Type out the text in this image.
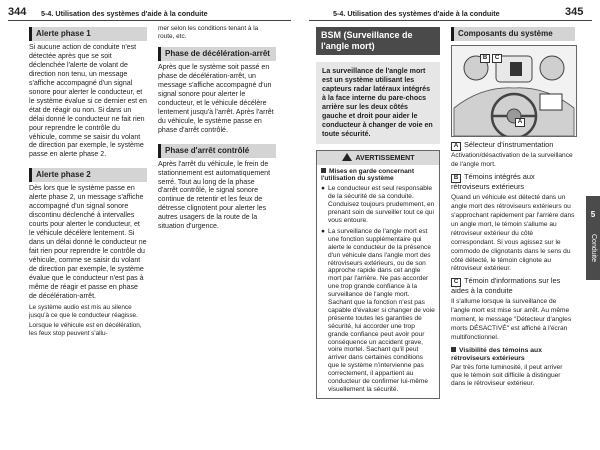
344 5-4. Utilisation des systèmes d'aide à la conduite	5-4. Utilisation des systèmes d'aide à la conduite	345
Alerte phase 1

Si aucune action de conduite n'est détectée après que se soit déclenchée l'alerte de volant de direction non tenu, un message s'affiche accompagné d'un signal sonore pour alerter le conducteur, et le système évalue si ce dernier est en état de réagir ou non. Si dans un délai donné le conducteur ne fait rien pour reprendre le contrôle du véhicule, comme se saisir du volant de direction par exemple, le système passe en alerte phase 2.

Alerte phase 2

Dès lors que le système passe en alerte phase 2, un message s'affiche accompagné d'un signal sonore discontinu déclenché à intervalles courts pour alerter le conducteur, et le véhicule décélère lentement. Si dans un délai donné le conducteur ne fait rien pour reprendre le contrôle du véhicule, comme se saisir du volant de direction par exemple, le système évalue que le conducteur n'est pas à même de réagir et passe en phase de décélération-arrêt.

Le système audio est mis au silence jusqu'à ce que le conducteur réagisse.

Lorsque le véhicule est en décélération, les feux stop peuvent s'allu-

mer selon les conditions tenant à la route, etc.

Phase de décélération-arrêt

Après que le système soit passé en phase de décélération-arrêt, un message s'affiche accompagné d'un signal sonore pour alerter le conducteur, et le véhicule décélère lentement jusqu'à l'arrêt. Après l'arrêt du véhicule, le système passe en phase d'arrêt contrôlé.

Phase d'arrêt contrôlé

Après l'arrêt du véhicule, le frein de stationnement est automatiquement serré. Tout au long de la phase d'arrêt contrôlé, le signal sonore continue de retentir et les feux de détresse clignotent pour alerter les autres usagers de la route de la situation d'urgence.

BSM (Surveillance de l'angle mort)
La surveillance de l'angle mort est un système utilisant les capteurs radar latéraux intégrés à la face interne du pare-chocs arrière sur les deux côtés gauche et droit pour aider le conducteur à changer de voie en toute sécurité.
AVERTISSEMENT
Mises en garde concernant l'utilisation du système
● Le conducteur est seul responsable de la sécurité de sa conduite. Conduisez toujours prudemment, en prenant soin de surveiller tout ce qui vous entoure.
● La surveillance de l'angle mort est une fonction supplémentaire qui alerte le conducteur de la présence d'un véhicule dans l'angle mort des rétroviseurs extérieurs, ou de son approche rapide dans cet angle mort par l'arrière. Ne pas accorder une trop grande confiance à la surveillance de l'angle mort. Sachant que la fonction n'est pas capable d'évaluer si changer de voie présente toutes les garanties de sécurité, lui accorder une trop grande confiance peut avoir pour conséquence un accident grave, voire mortel. Sachant qu'il peut arriver dans certaines conditions que le système n'intervienne pas correctement, il appartient au conducteur de confirmer lui-même visuellement la sécurité.
Composants du système
B	C
A
A Sélecteur d'instrumentation

Activation/désactivation de la surveillance de l'angle mort.

B Témoins intégrés aux rétroviseurs extérieurs

Quand un véhicule est détecté dans un angle mort des rétroviseurs extérieurs ou s'approchant rapidement par l'arrière dans un angle mort, le témoin s'allume au rétroviseur extérieur du côté correspondant. Si vous agissez sur le commodo de clignotants dans le sens du côté détecté, le témoin clignote au rétroviseur extérieur.

C Témoin d'informations sur les aides à la conduite

Il s'allume lorsque la surveillance de l'angle mort est mise sur arrêt. Au même moment, le message "Détecteur d'angles morts DÉSACTIVÉ" est affiché à l'écran multifonctionnel.

Visibilité des témoins aux rétroviseurs extérieurs

Par très forte luminosité, il peut arriver que le témoin soit difficile à distinguer dans le rétroviseur extérieur.

5
Conduite
